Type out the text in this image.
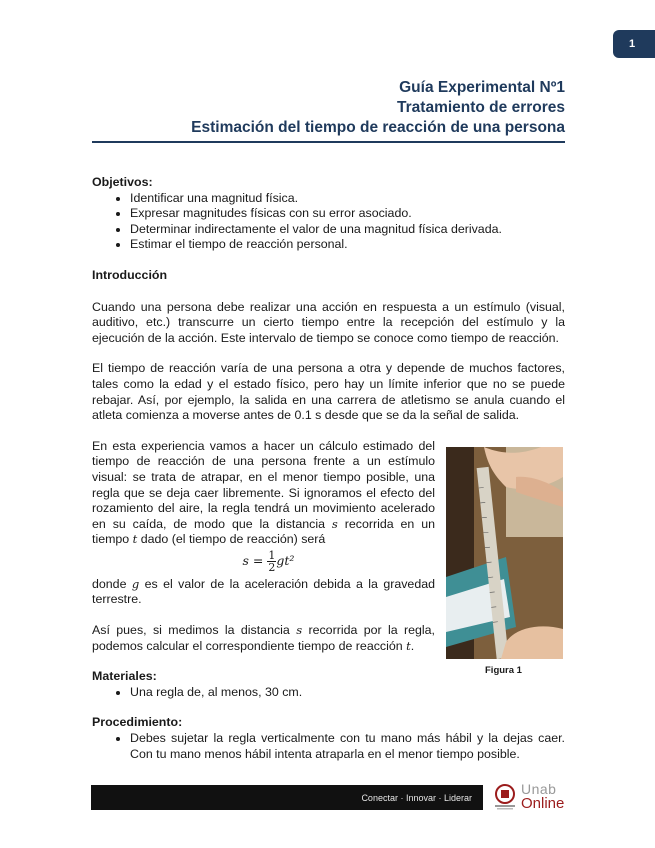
1
Guía Experimental Nº1
Tratamiento de errores
Estimación del tiempo de reacción de una persona
Objetivos:
• Identificar una magnitud física.
• Expresar magnitudes físicas con su error asociado.
• Determinar indirectamente el valor de una magnitud física derivada.
• Estimar el tiempo de reacción personal.
Introducción

Cuando una persona debe realizar una acción en respuesta a un estímulo (visual, auditivo, etc.) transcurre un cierto tiempo entre la recepción del estímulo y la ejecución de la acción. Este intervalo de tiempo se conoce como tiempo de reacción.

El tiempo de reacción varía de una persona a otra y depende de muchos factores, tales como la edad y el estado físico, pero hay un límite inferior que no se puede rebajar. Así, por ejemplo, la salida en una carrera de atletismo se anula cuando el atleta comienza a moverse antes de 0.1 s desde que se da la señal de salida.

En esta experiencia vamos a hacer un cálculo estimado del tiempo de reacción de una persona frente a un estímulo visual: se trata de atrapar, en el menor tiempo posible, una regla que se deja caer libremente. Si ignoramos el efecto del rozamiento del aire, la regla tendrá un movimiento acelerado en su caída, de modo que la distancia s recorrida en un tiempo t dado (el tiempo de reacción) será

$s = \frac{1}{2} gt^2$

donde g es el valor de la aceleración debida a la gravedad terrestre.

Así pues, si medimos la distancia s recorrida por la regla, podemos calcular el correspondiente tiempo de reacción t.

Materiales:
• Una regla de, al menos, 30 cm.
Procedimiento:
• Debes sujetar la regla verticalmente con tu mano más hábil y la dejas caer. Con tu mano menos hábil intenta atraparla en el menor tiempo posible.
Figura 1
Conectar · Innovar · Liderar
Unab
Online
